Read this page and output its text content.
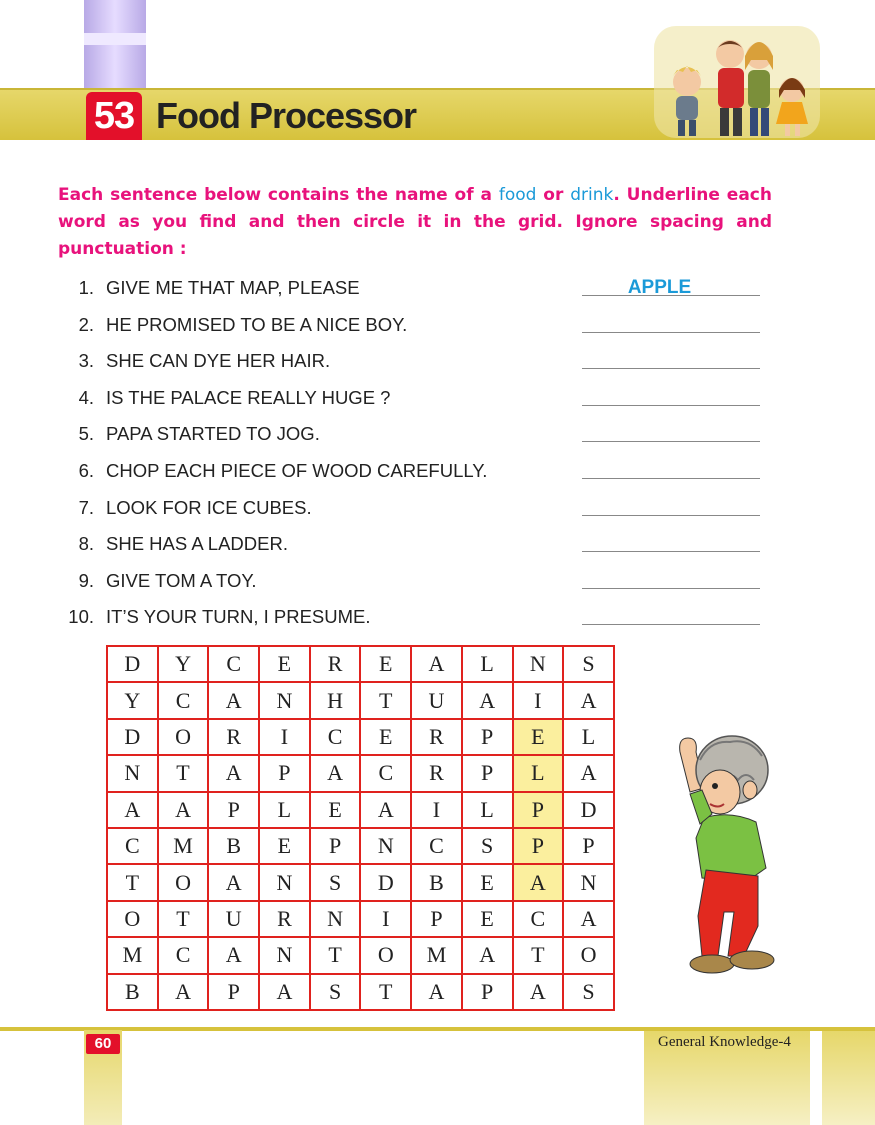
53 Food Processor
Each sentence below contains the name of a food or drink. Underline each word as you find and then circle it in the grid. Ignore spacing and punctuation :
1. GIVE ME THAT MAP, PLEASE	APPLE
2. HE PROMISED TO BE A NICE BOY.
3. SHE CAN DYE HER HAIR.
4. IS THE PALACE REALLY HUGE ?
5. PAPA STARTED TO JOG.
6. CHOP EACH PIECE OF WOOD CAREFULLY.
7. LOOK FOR ICE CUBES.
8. SHE HAS A LADDER.
9. GIVE TOM A TOY.
10. IT’S YOUR TURN, I PRESUME.
D	Y	C	E	R	E	A	L	N	S
Y	C	A	N	H	T	U	A	I	A
D	O	R	I	C	E	R	P	E	L
N	T	A	P	A	C	R	P	L	A
A	A	P	L	E	A	I	L	P	D
C	M	B	E	P	N	C	S	P	P
T	O	A	N	S	D	B	E	A	N
O	T	U	R	N	I	P	E	C	A
M	C	A	N	T	O	M	A	T	O
B	A	P	A	S	T	A	P	A	S
60	General Knowledge-4
